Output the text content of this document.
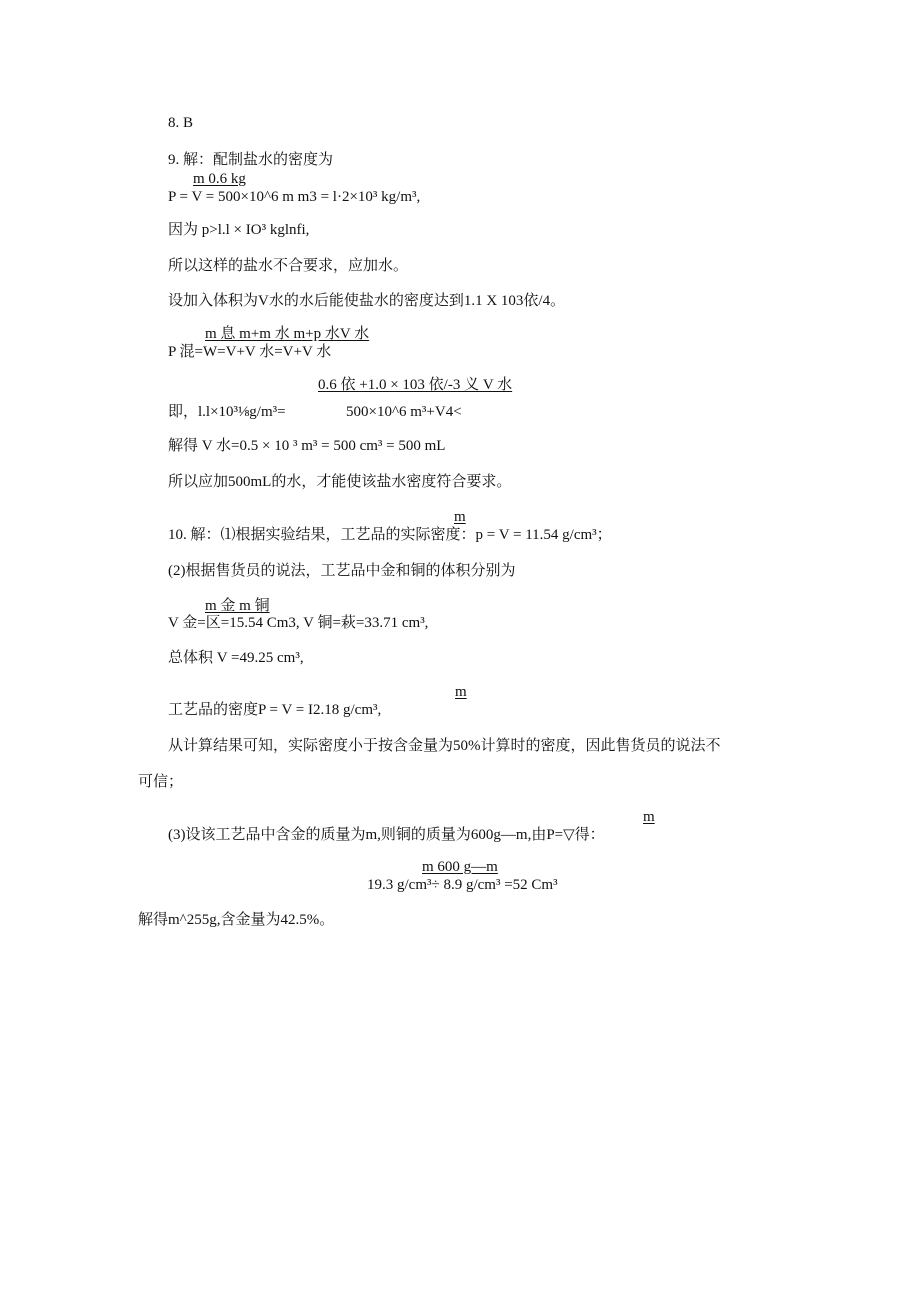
8. B
9. 解：配制盐水的密度为
m 0.6 kg
P = V = 500×10^6 m m3 = l·2×10³ kg/m³,
因为 p>l.l × IO³ kglnfi,
所以这样的盐水不合要求，应加水。
设加入体积为V水的水后能使盐水的密度达到1.1 X 103依/4。
m 息 m+m 水 m+p 水V 水
P 混=W=V+V 水=V+V 水
0.6 依 +1.0 × 103 依/-3 义 V 水
即，l.l×10³⅛g/m³=	500×10^6 m³+V4<
解得 V 水=0.5 × 10 ³ m³ = 500 cm³ = 500 mL
所以应加500mL的水，才能使该盐水密度符合要求。
m
10. 解：⑴根据实验结果，工艺品的实际密度：p = V = 11.54 g/cm³；
(2)根据售货员的说法，工艺品中金和铜的体积分别为
m 金 m 铜
V 金=区=15.54 Cm3, V 铜=萩=33.71 cm³,
总体积 V =49.25 cm³,
m
工艺品的密度P = V = I2.18 g/cm³,
从计算结果可知，实际密度小于按含金量为50%计算时的密度，因此售货员的说法不
可信；
m
(3)设该工艺品中含金的质量为m,则铜的质量为600g—m,由P=▽得：
m 600 g—m
19.3 g/cm³÷ 8.9 g/cm³ =52 Cm³
解得m^255g,含金量为42.5%。
